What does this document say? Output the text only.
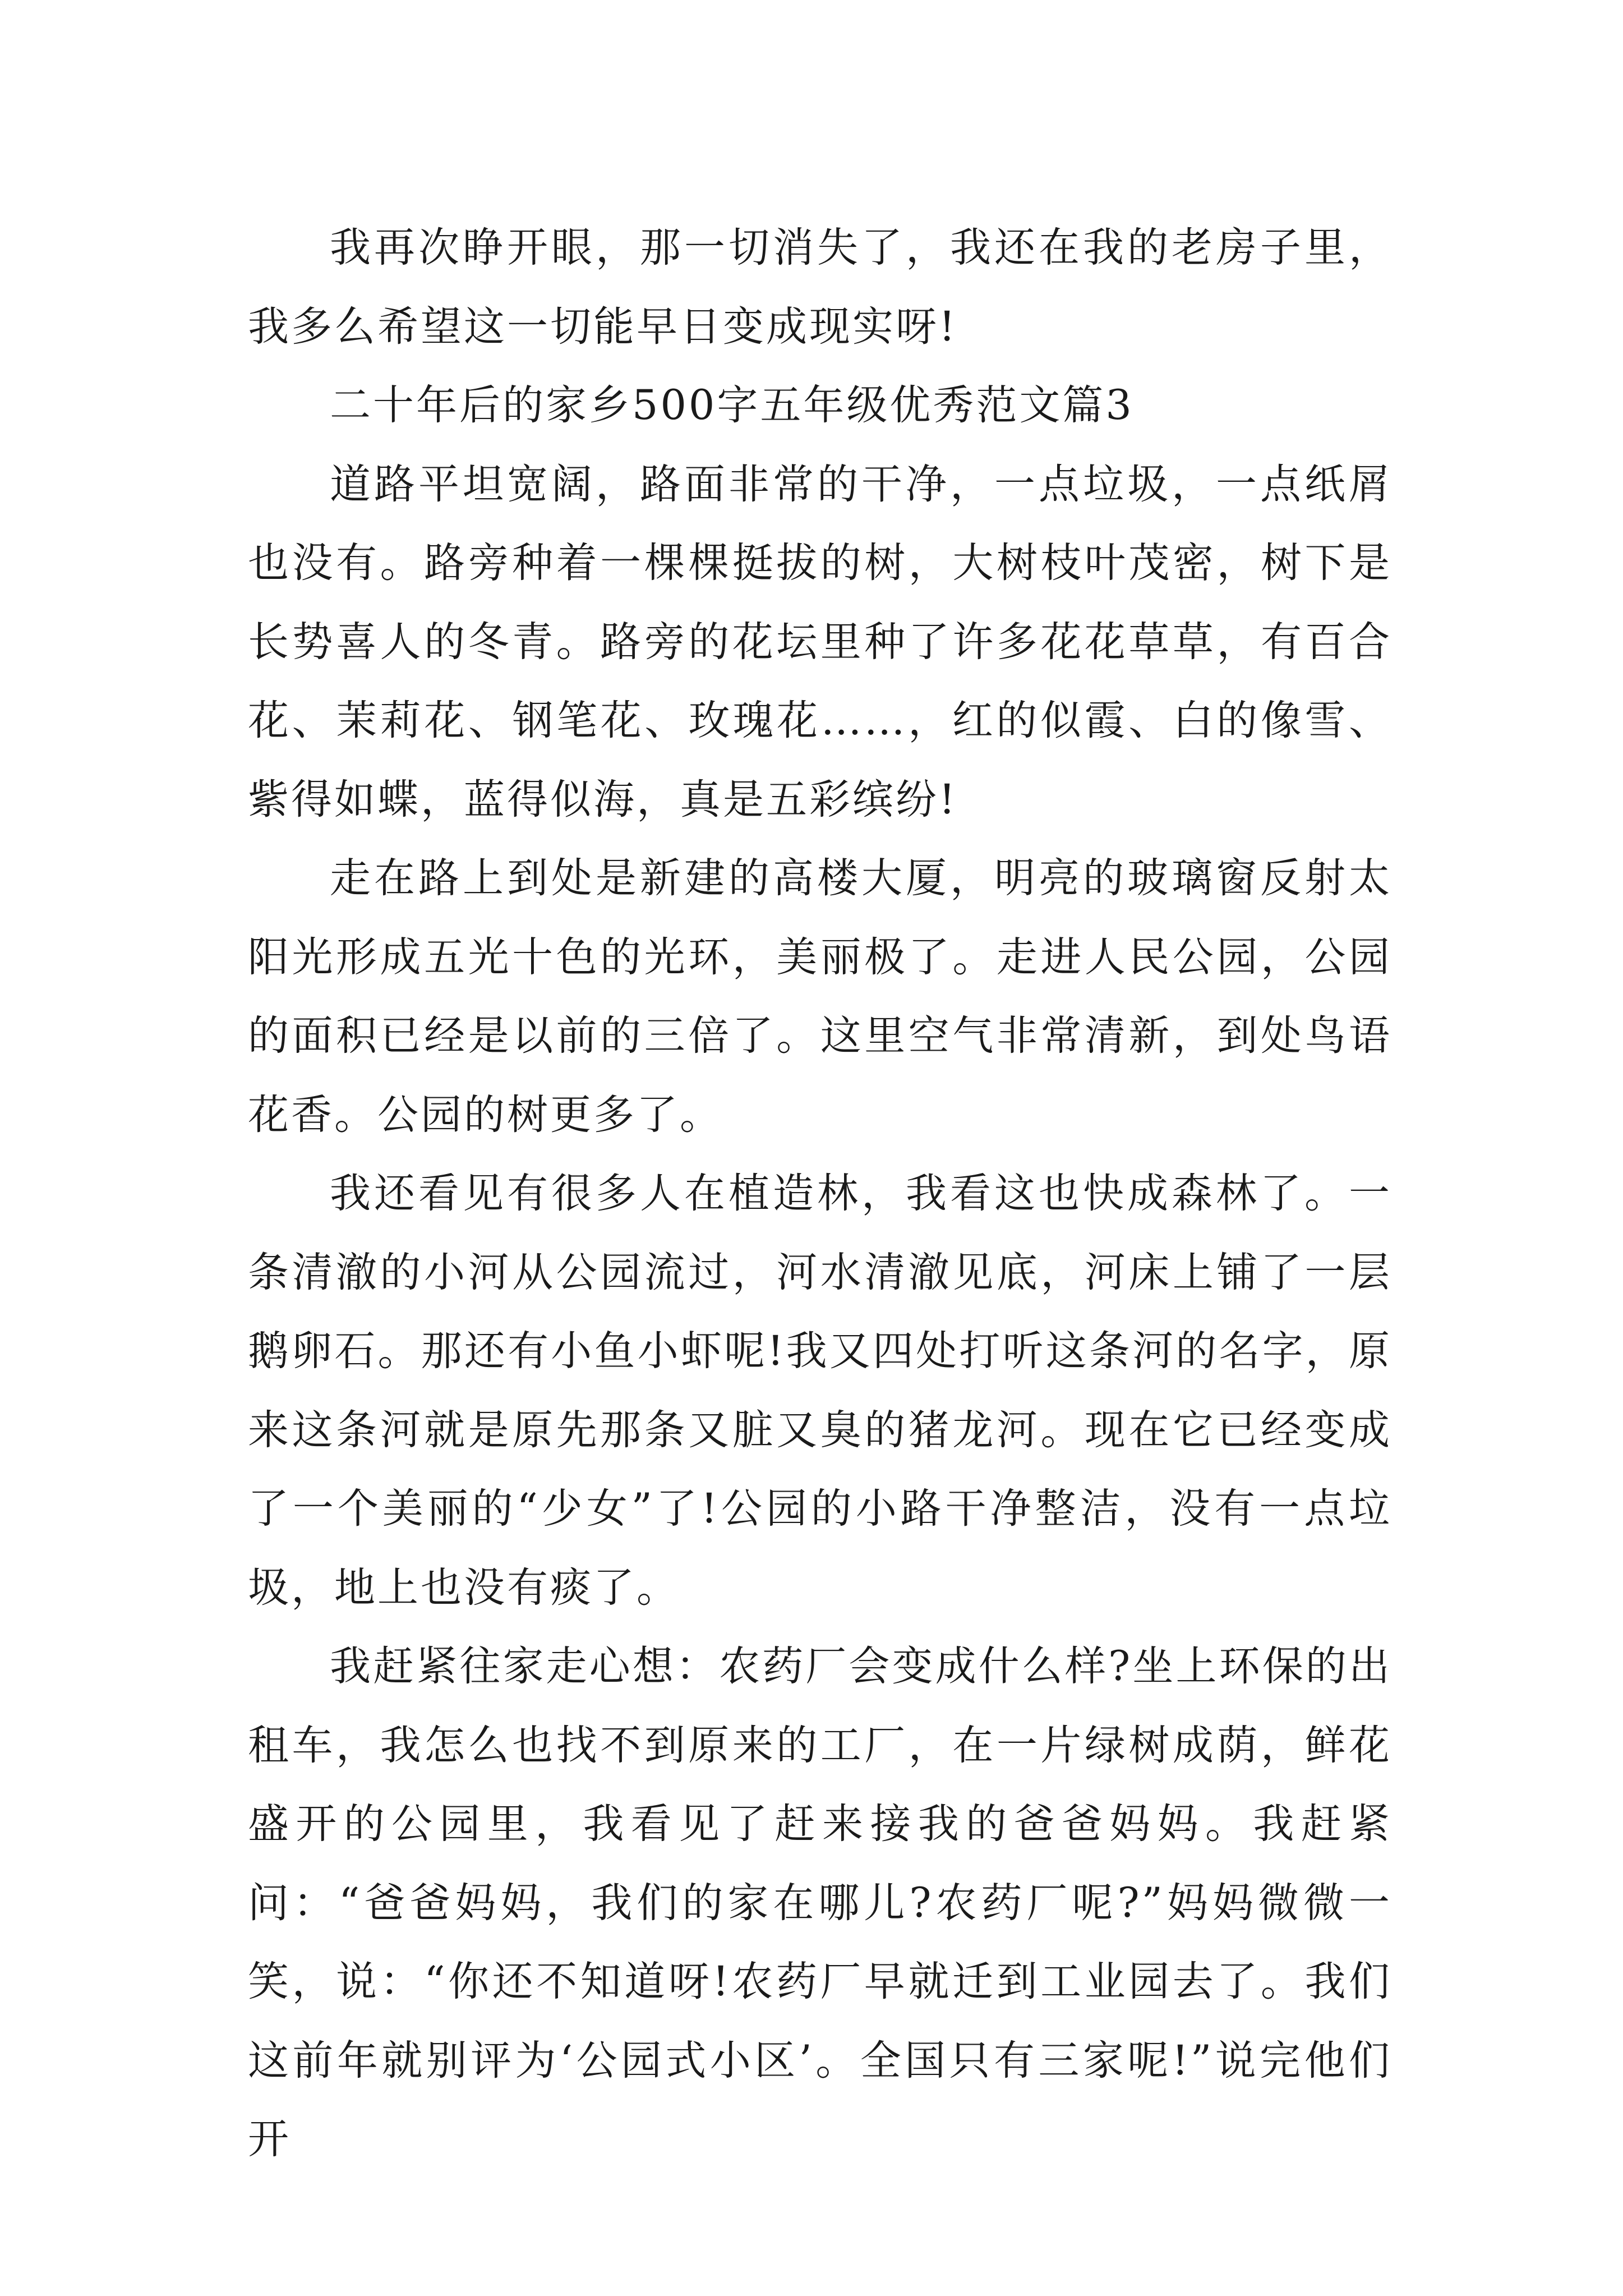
我再次睁开眼，那一切消失了，我还在我的老房子里，我多么希望这一切能早日变成现实呀!

二十年后的家乡500字五年级优秀范文篇3

道路平坦宽阔，路面非常的干净，一点垃圾，一点纸屑也没有。路旁种着一棵棵挺拔的树，大树枝叶茂密，树下是长势喜人的冬青。路旁的花坛里种了许多花花草草，有百合花、茉莉花、钢笔花、玫瑰花……，红的似霞、白的像雪、紫得如蝶，蓝得似海，真是五彩缤纷!

走在路上到处是新建的高楼大厦，明亮的玻璃窗反射太阳光形成五光十色的光环，美丽极了。走进人民公园，公园的面积已经是以前的三倍了。这里空气非常清新，到处鸟语花香。公园的树更多了。

我还看见有很多人在植造林，我看这也快成森林了。一条清澈的小河从公园流过，河水清澈见底，河床上铺了一层鹅卵石。那还有小鱼小虾呢!我又四处打听这条河的名字，原来这条河就是原先那条又脏又臭的猪龙河。现在它已经变成了一个美丽的“少女”了!公园的小路干净整洁，没有一点垃圾，地上也没有痰了。

我赶紧往家走心想：农药厂会变成什么样?坐上环保的出租车，我怎么也找不到原来的工厂，在一片绿树成荫，鲜花盛开的公园里，我看见了赶来接我的爸爸妈妈。我赶紧问：“爸爸妈妈，我们的家在哪儿?农药厂呢?”妈妈微微一笑，说：“你还不知道呀!农药厂早就迁到工业园去了。我们这前年就别评为‘公园式小区’。全国只有三家呢!”说完他们开
